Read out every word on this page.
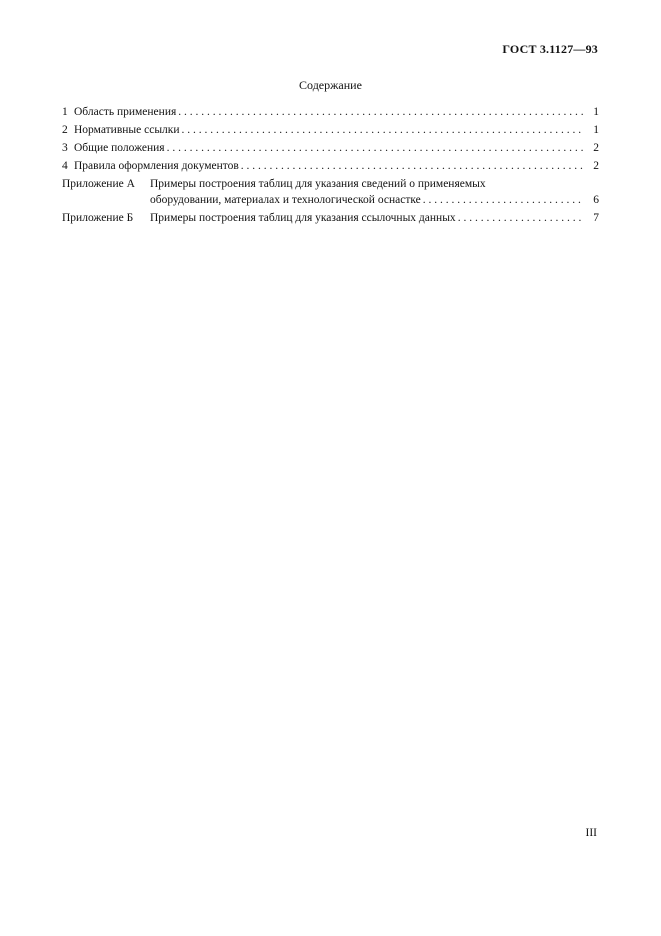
ГОСТ 3.1127—93
Содержание
1 Область применения . . .	1
2 Нормативные ссылки . . .	1
3 Общие положения . . .	2
4 Правила оформления документов . . .	2
Приложение А Примеры построения таблиц для указания сведений о применяемых
оборудовании, материалах и технологической оснастке . . .	6
Приложение Б Примеры построения таблиц для указания ссылочных данных . . .	7
III
